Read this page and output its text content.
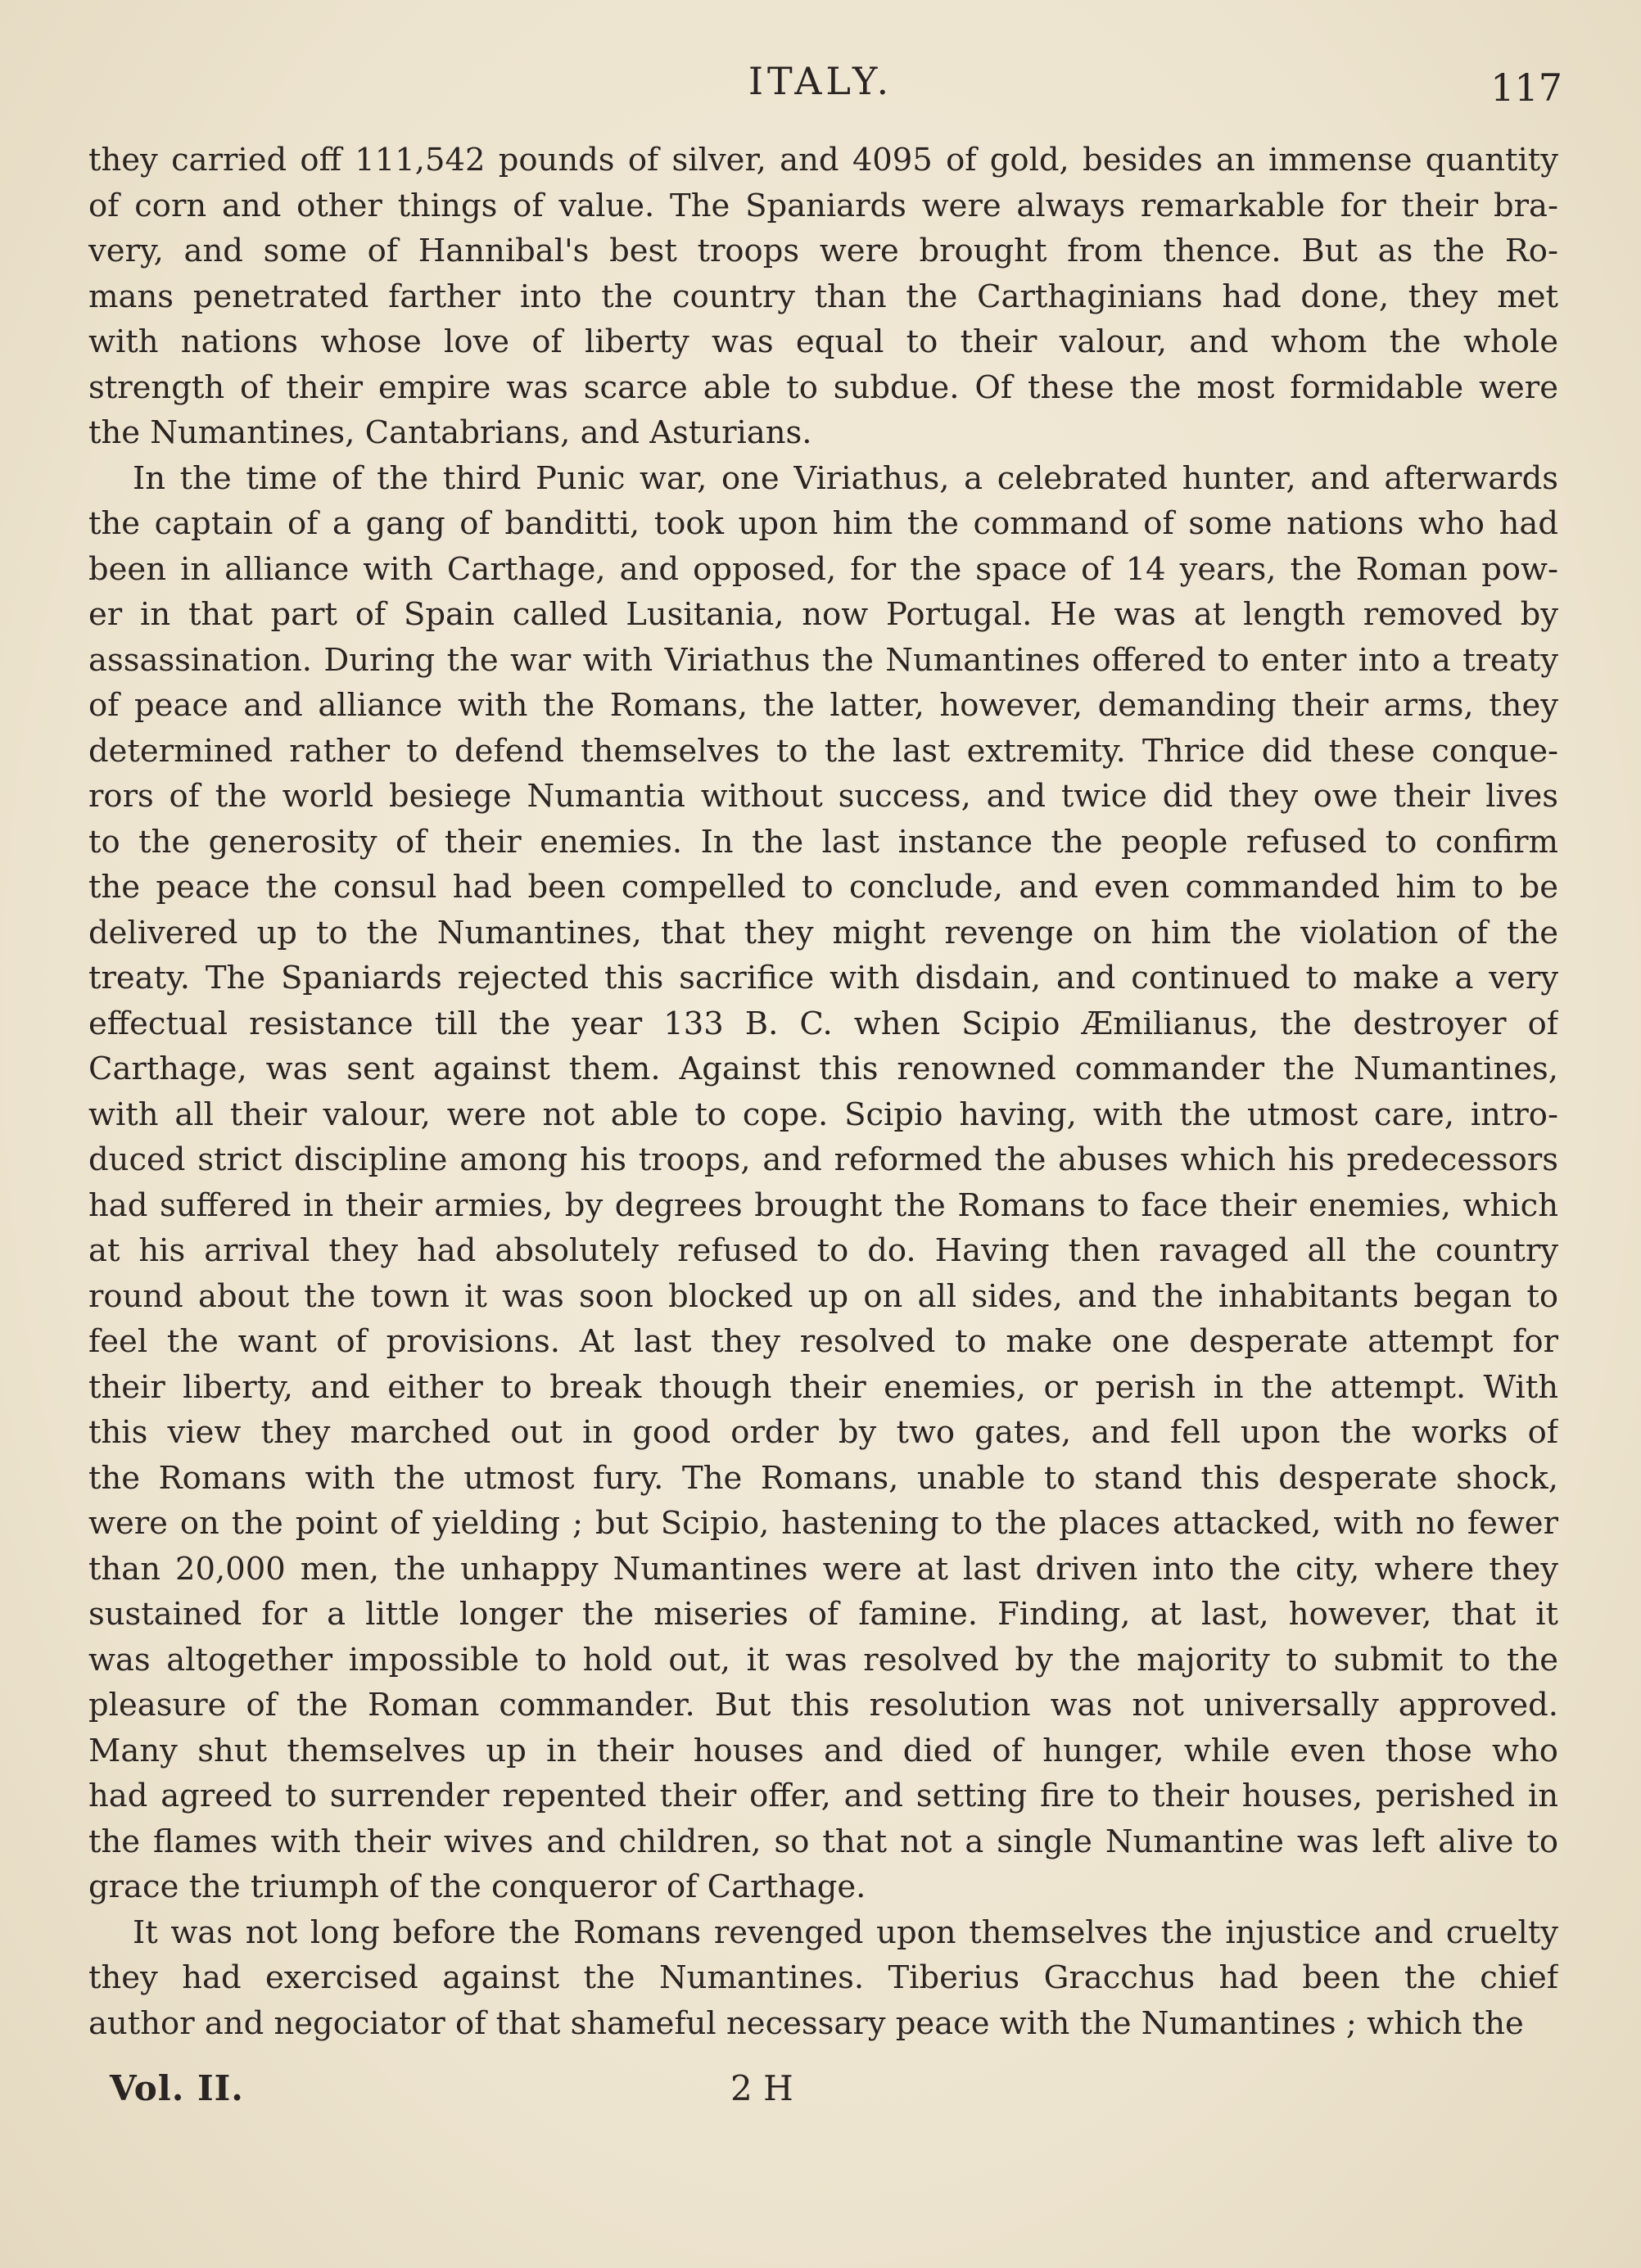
ITALY.	117
they carried off 111,542 pounds of silver, and 4095 of gold, besides an immense quantity
of corn and other things of value. The Spaniards were always remarkable for their bra-
very, and some of Hannibal's best troops were brought from thence. But as the Ro-
mans penetrated farther into the country than the Carthaginians had done, they met
with nations whose love of liberty was equal to their valour, and whom the whole
strength of their empire was scarce able to subdue. Of these the most formidable were
the Numantines, Cantabrians, and Asturians.
In the time of the third Punic war, one Viriathus, a celebrated hunter, and afterwards
the captain of a gang of banditti, took upon him the command of some nations who had
been in alliance with Carthage, and opposed, for the space of 14 years, the Roman pow-
er in that part of Spain called Lusitania, now Portugal. He was at length removed by
assassination. During the war with Viriathus the Numantines offered to enter into a treaty
of peace and alliance with the Romans, the latter, however, demanding their arms, they
determined rather to defend themselves to the last extremity. Thrice did these conque-
rors of the world besiege Numantia without success, and twice did they owe their lives
to the generosity of their enemies. In the last instance the people refused to confirm
the peace the consul had been compelled to conclude, and even commanded him to be
delivered up to the Numantines, that they might revenge on him the violation of the
treaty. The Spaniards rejected this sacrifice with disdain, and continued to make a very
effectual resistance till the year 133 B. C. when Scipio Æmilianus, the destroyer of
Carthage, was sent against them. Against this renowned commander the Numantines,
with all their valour, were not able to cope. Scipio having, with the utmost care, intro-
duced strict discipline among his troops, and reformed the abuses which his predecessors
had suffered in their armies, by degrees brought the Romans to face their enemies, which
at his arrival they had absolutely refused to do. Having then ravaged all the country
round about the town it was soon blocked up on all sides, and the inhabitants began to
feel the want of provisions. At last they resolved to make one desperate attempt for
their liberty, and either to break though their enemies, or perish in the attempt. With
this view they marched out in good order by two gates, and fell upon the works of
the Romans with the utmost fury. The Romans, unable to stand this desperate shock,
were on the point of yielding ; but Scipio, hastening to the places attacked, with no fewer
than 20,000 men, the unhappy Numantines were at last driven into the city, where they
sustained for a little longer the miseries of famine. Finding, at last, however, that it
was altogether impossible to hold out, it was resolved by the majority to submit to the
pleasure of the Roman commander. But this resolution was not universally approved.
Many shut themselves up in their houses and died of hunger, while even those who
had agreed to surrender repented their offer, and setting fire to their houses, perished in
the flames with their wives and children, so that not a single Numantine was left alive to
grace the triumph of the conqueror of Carthage.
It was not long before the Romans revenged upon themselves the injustice and cruelty
they had exercised against the Numantines. Tiberius Gracchus had been the chief
author and negociator of that shameful necessary peace with the Numantines ; which the
Vol. II.	2 H
